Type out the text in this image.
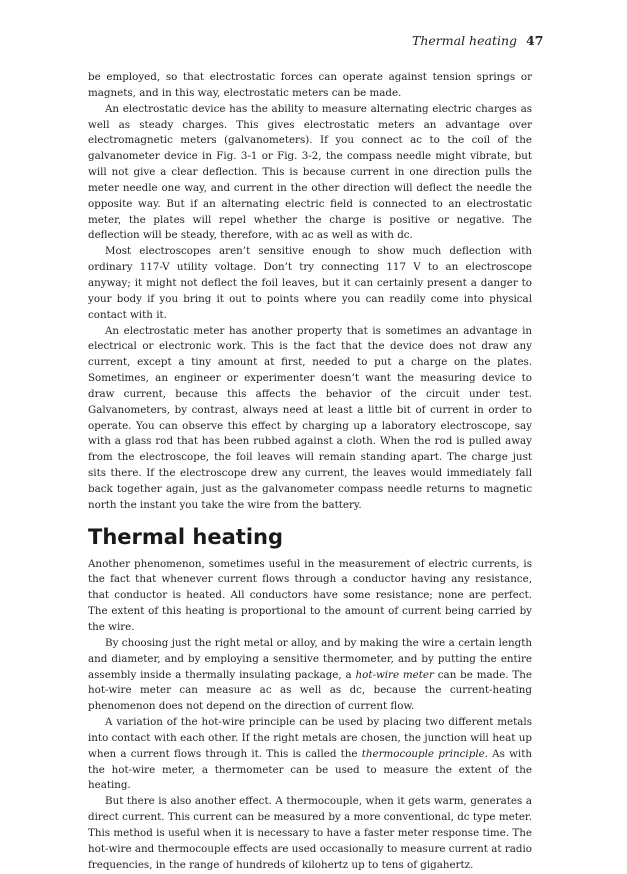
Thermal heating 47

be employed, so that electrostatic forces can operate against tension springs or magnets, and in this way, electrostatic meters can be made.

An electrostatic device has the ability to measure alternating electric charges as well as steady charges. This gives electrostatic meters an advantage over electromagnetic meters (galvanometers). If you connect ac to the coil of the galvanometer device in Fig. 3-1 or Fig. 3-2, the compass needle might vibrate, but will not give a clear deflection. This is because current in one direction pulls the meter needle one way, and current in the other direction will deflect the needle the opposite way. But if an alternating electric field is connected to an electrostatic meter, the plates will repel whether the charge is positive or negative. The deflection will be steady, therefore, with ac as well as with dc.

Most electroscopes aren’t sensitive enough to show much deflection with ordinary 117-V utility voltage. Don’t try connecting 117 V to an electroscope anyway; it might not deflect the foil leaves, but it can certainly present a danger to your body if you bring it out to points where you can readily come into physical contact with it.

An electrostatic meter has another property that is sometimes an advantage in electrical or electronic work. This is the fact that the device does not draw any current, except a tiny amount at first, needed to put a charge on the plates. Sometimes, an engineer or experimenter doesn’t want the measuring device to draw current, because this affects the behavior of the circuit under test. Galvanometers, by contrast, always need at least a little bit of current in order to operate. You can observe this effect by charging up a laboratory electroscope, say with a glass rod that has been rubbed against a cloth. When the rod is pulled away from the electroscope, the foil leaves will remain standing apart. The charge just sits there. If the electroscope drew any current, the leaves would immediately fall back together again, just as the galvanometer compass needle returns to magnetic north the instant you take the wire from the battery.

Thermal heating

Another phenomenon, sometimes useful in the measurement of electric currents, is the fact that whenever current flows through a conductor having any resistance, that conductor is heated. All conductors have some resistance; none are perfect. The extent of this heating is proportional to the amount of current being carried by the wire.

By choosing just the right metal or alloy, and by making the wire a certain length and diameter, and by employing a sensitive thermometer, and by putting the entire assembly inside a thermally insulating package, a hot-wire meter can be made. The hot-wire meter can measure ac as well as dc, because the current-heating phenomenon does not depend on the direction of current flow.

A variation of the hot-wire principle can be used by placing two different metals into contact with each other. If the right metals are chosen, the junction will heat up when a current flows through it. This is called the thermocouple principle. As with the hot-wire meter, a thermometer can be used to measure the extent of the heating.

But there is also another effect. A thermocouple, when it gets warm, generates a direct current. This current can be measured by a more conventional, dc type meter. This method is useful when it is necessary to have a faster meter response time. The hot-wire and thermocouple effects are used occasionally to measure current at radio frequencies, in the range of hundreds of kilohertz up to tens of gigahertz.
